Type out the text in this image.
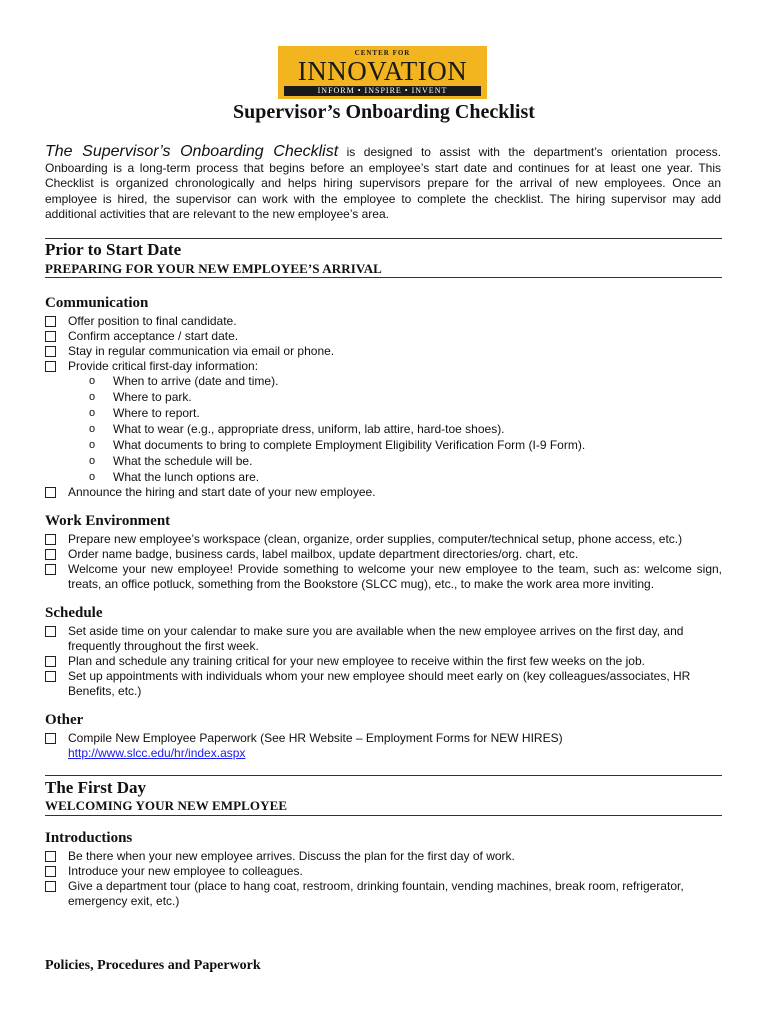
CENTER FOR
INNOVATION
INFORM • INSPIRE • INVENT
Supervisor’s Onboarding Checklist
The Supervisor’s Onboarding Checklist is designed to assist with the department’s orientation process. Onboarding is a long-term process that begins before an employee’s start date and continues for at least one year. This Checklist is organized chronologically and helps hiring supervisors prepare for the arrival of new employees. Once an employee is hired, the supervisor can work with the employee to complete the checklist. The hiring supervisor may add additional activities that are relevant to the new employee’s area.
Prior to Start Date
PREPARING FOR YOUR NEW EMPLOYEE’S ARRIVAL
Communication
Offer position to final candidate.
Confirm acceptance / start date.
Stay in regular communication via email or phone.
Provide critical first-day information:
o When to arrive (date and time).
o Where to park.
o Where to report.
o What to wear (e.g., appropriate dress, uniform, lab attire, hard-toe shoes).
o What documents to bring to complete Employment Eligibility Verification Form (I-9 Form).
o What the schedule will be.
o What the lunch options are.
Announce the hiring and start date of your new employee.
Work Environment
Prepare new employee’s workspace (clean, organize, order supplies, computer/technical setup, phone access, etc.)
Order name badge, business cards, label mailbox, update department directories/org. chart, etc.
Welcome your new employee! Provide something to welcome your new employee to the team, such as: welcome sign, treats, an office potluck, something from the Bookstore (SLCC mug), etc., to make the work area more inviting.
Schedule
Set aside time on your calendar to make sure you are available when the new employee arrives on the first day, and frequently throughout the first week.
Plan and schedule any training critical for your new employee to receive within the first few weeks on the job.
Set up appointments with individuals whom your new employee should meet early on (key colleagues/associates, HR Benefits, etc.)
Other
Compile New Employee Paperwork (See HR Website – Employment Forms for NEW HIRES)
http://www.slcc.edu/hr/index.aspx
The First Day
WELCOMING YOUR NEW EMPLOYEE
Introductions
Be there when your new employee arrives. Discuss the plan for the first day of work.
Introduce your new employee to colleagues.
Give a department tour (place to hang coat, restroom, drinking fountain, vending machines, break room, refrigerator, emergency exit, etc.)
Policies, Procedures and Paperwork
